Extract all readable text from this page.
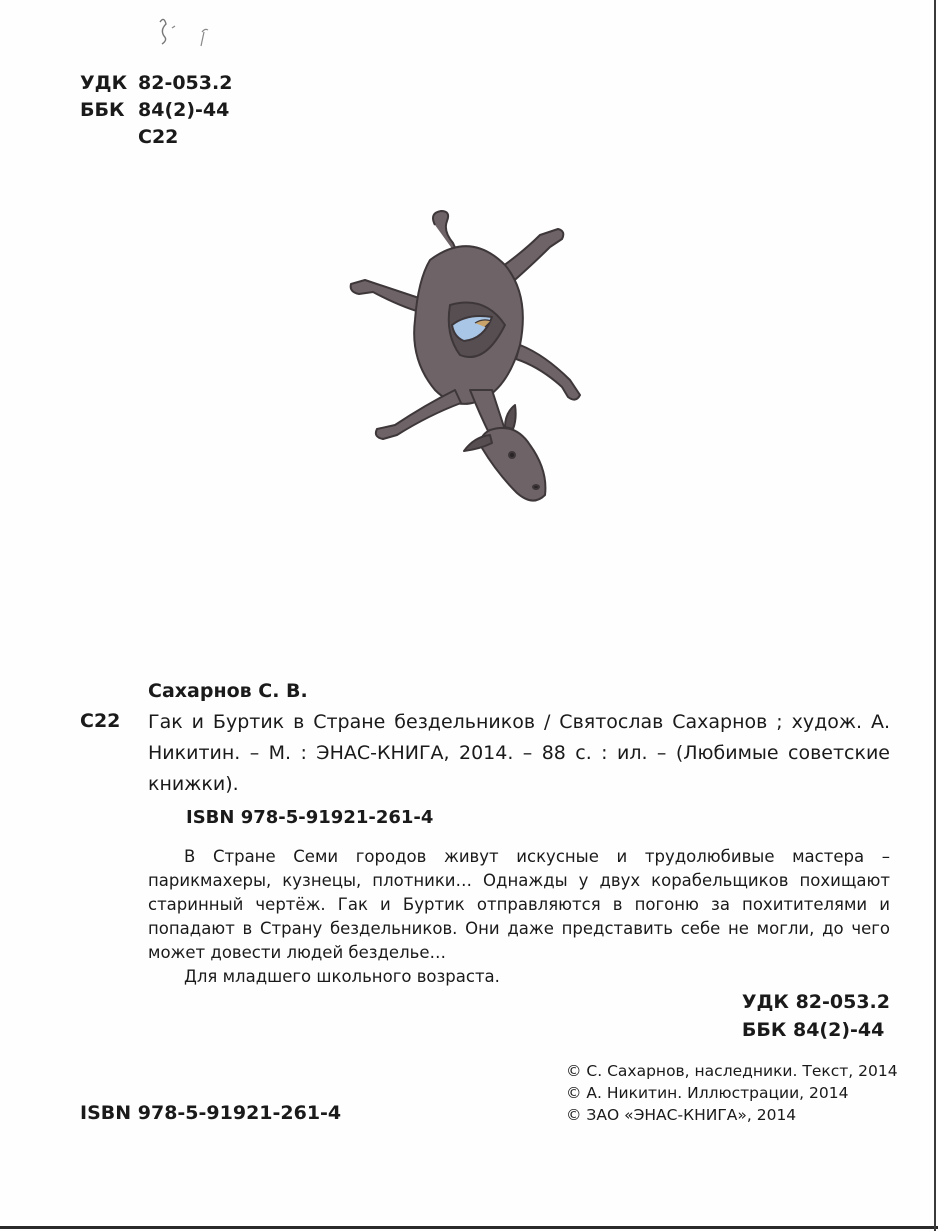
УДК 82-053.2
ББК 84(2)-44
С22
Сахарнов С. В.
С22 Гак и Буртик в Стране бездельников / Святослав Сахарнов ; худож. А. Никитин. – М. : ЭНАС-КНИГА, 2014. – 88 с. : ил. – (Любимые советские книжки).
ISBN 978-5-91921-261-4

В Стране Семи городов живут искусные и трудолюбивые мастера – парикмахеры, кузнецы, плотники… Однажды у двух корабельщиков похищают старинный чертёж. Гак и Буртик отправляются в погоню за похитителями и попадают в Страну бездельников. Они даже представить себе не могли, до чего может довести людей безделье…

Для младшего школьного возраста.

УДК 82-053.2
ББК 84(2)-44
© С. Сахарнов, наследники. Текст, 2014
© А. Никитин. Иллюстрации, 2014
© ЗАО «ЭНАС-КНИГА», 2014
ISBN 978-5-91921-261-4
